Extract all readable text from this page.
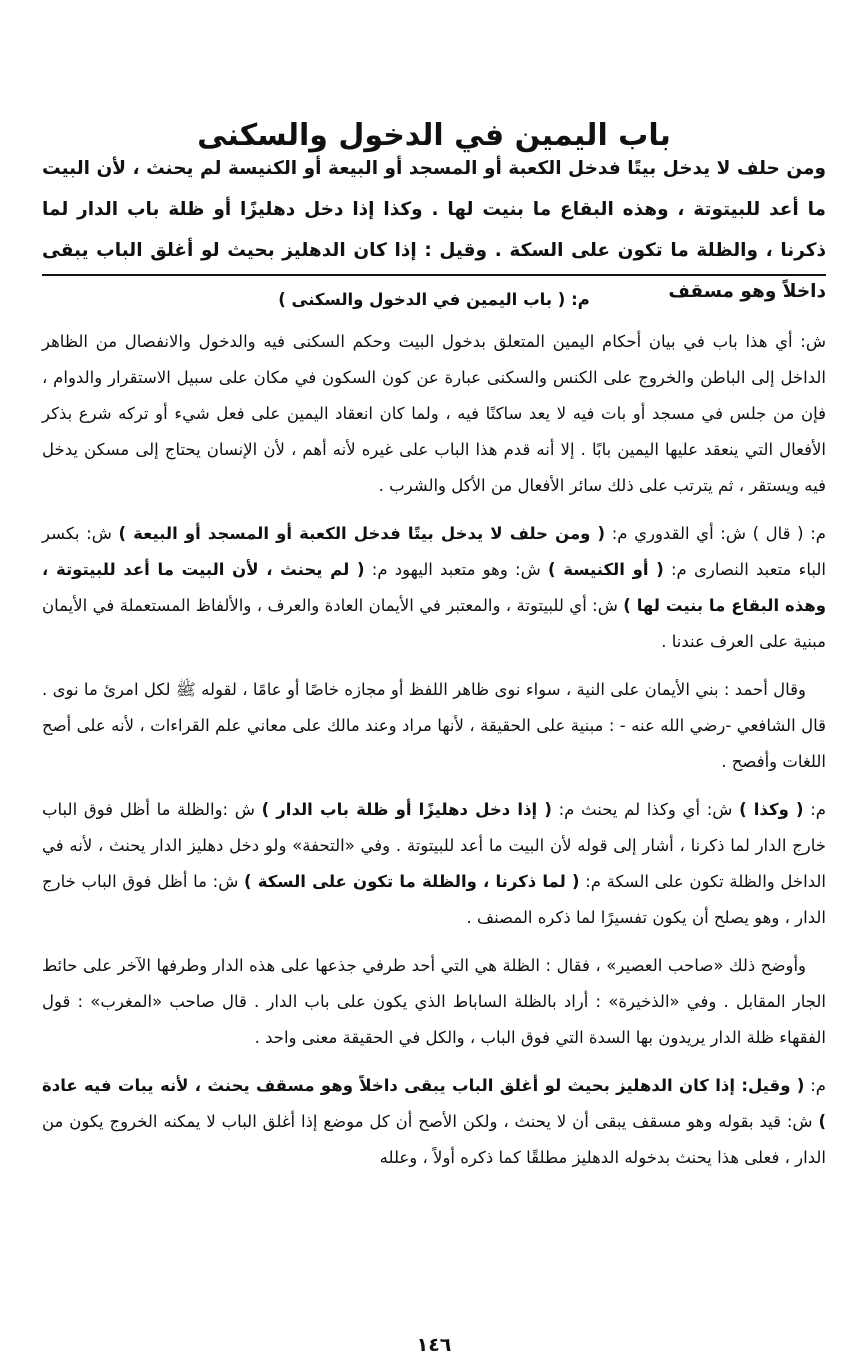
باب اليمين في الدخول والسكنى
ومن حلف لا يدخل بيتًا فدخل الكعبة أو المسجد أو البيعة أو الكنيسة لم يحنث ، لأن البيت ما أعد للبيتوتة ، وهذه البقاع ما بنيت لها . وكذا إذا دخل دهليزًا أو ظلة باب الدار لما ذكرنا ، والظلة ما تكون على السكة . وقيل : إذا كان الدهليز بحيث لو أغلق الباب يبقى داخلاً وهو مسقف

م: ( باب اليمين في الدخول والسكنى )

ش: أي هذا باب في بيان أحكام اليمين المتعلق بدخول البيت وحكم السكنى فيه والدخول والانفصال من الظاهر الداخل إلى الباطن والخروج على الكنس والسكنى عبارة عن كون السكون في مكان على سبيل الاستقرار والدوام ، فإن من جلس في مسجد أو بات فيه لا يعد ساكنًا فيه ، ولما كان انعقاد اليمين على فعل شيء أو تركه شرع بذكر الأفعال التي ينعقد عليها اليمين بابًا . إلا أنه قدم هذا الباب على غيره لأنه أهم ، لأن الإنسان يحتاج إلى مسكن يدخل فيه ويستقر ، ثم يترتب على ذلك سائر الأفعال من الأكل والشرب .

م: ( قال ) ش: أي القدوري م: ( ومن حلف لا يدخل بيتًا فدخل الكعبة أو المسجد أو البيعة ) ش: بكسر الباء متعبد النصارى م: ( أو الكنيسة ) ش: وهو متعبد اليهود م: ( لم يحنث ، لأن البيت ما أعد للبيتوتة ، وهذه البقاع ما بنيت لها ) ش: أي للبيتوتة ، والمعتبر في الأيمان العادة والعرف ، والألفاظ المستعملة في الأيمان مبنية على العرف عندنا .

وقال أحمد : بني الأيمان على النية ، سواء نوى ظاهر اللفظ أو مجازه خاصًا أو عامًا ، لقوله ﷺ لكل امرئ ما نوى . قال الشافعي -رضي الله عنه - : مبنية على الحقيقة ، لأنها مراد وعند مالك على معاني علم القراءات ، لأنه على أصح اللغات وأفصح .

م: ( وكذا ) ش: أي وكذا لم يحنث م: ( إذا دخل دهليزًا أو ظلة باب الدار ) ش :والظلة ما أظل فوق الباب خارج الدار لما ذكرنا ، أشار إلى قوله لأن البيت ما أعد للبيتوتة . وفي «التحفة» ولو دخل دهليز الدار يحنث ، لأنه في الداخل والظلة تكون على السكة م: ( لما ذكرنا ، والظلة ما تكون على السكة ) ش: ما أظل فوق الباب خارج الدار ، وهو يصلح أن يكون تفسيرًا لما ذكره المصنف .

وأوضح ذلك «صاحب العصير» ، فقال : الظلة هي التي أحد طرفي جذعها على هذه الدار وطرفها الآخر على حائط الجار المقابل . وفي «الذخيرة» : أراد بالظلة الساباط الذي يكون على باب الدار . قال صاحب «المغرب» : قول الفقهاء ظلة الدار يريدون بها السدة التي فوق الباب ، والكل في الحقيقة معنى واحد .

م: ( وقيل: إذا كان الدهليز بحيث لو أغلق الباب يبقى داخلاً وهو مسقف يحنث ، لأنه يبات فيه عادة ) ش: قيد بقوله وهو مسقف يبقى أن لا يحنث ، ولكن الأصح أن كل موضع إذا أغلق الباب لا يمكنه الخروج يكون من الدار ، فعلى هذا يحنث بدخوله الدهليز مطلقًا كما ذكره أولاً ، وعلله

١٤٦
